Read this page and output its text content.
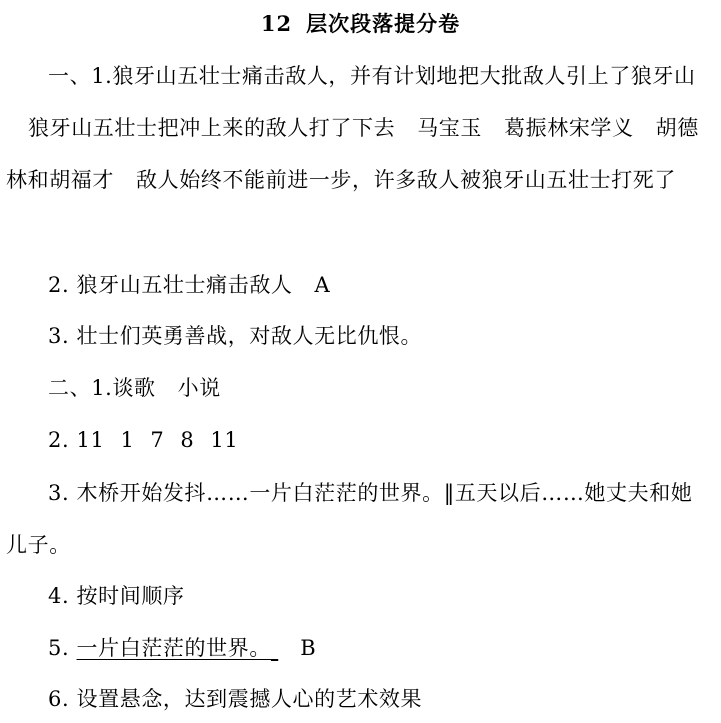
12 层次段落提分卷
一、1.狼牙山五壮士痛击敌人，并有计划地把大批敌人引上了狼牙山狼牙山五壮士把冲上来的敌人打了下去 马宝玉 葛振林宋学义 胡德林和胡福才 敌人始终不能前进一步，许多敌人被狼牙山五壮士打死了
2. 狼牙山五壮士痛击敌人 A
3. 壮士们英勇善战，对敌人无比仇恨。
二、1.谈歌 小说
2. 11 1 7 8 11
3. 木桥开始发抖……一片白茫茫的世界。‖五天以后……她丈夫和她儿子。
4. 按时间顺序
5. 一片白茫茫的世界。 B
6. 设置悬念，达到震撼人心的艺术效果
